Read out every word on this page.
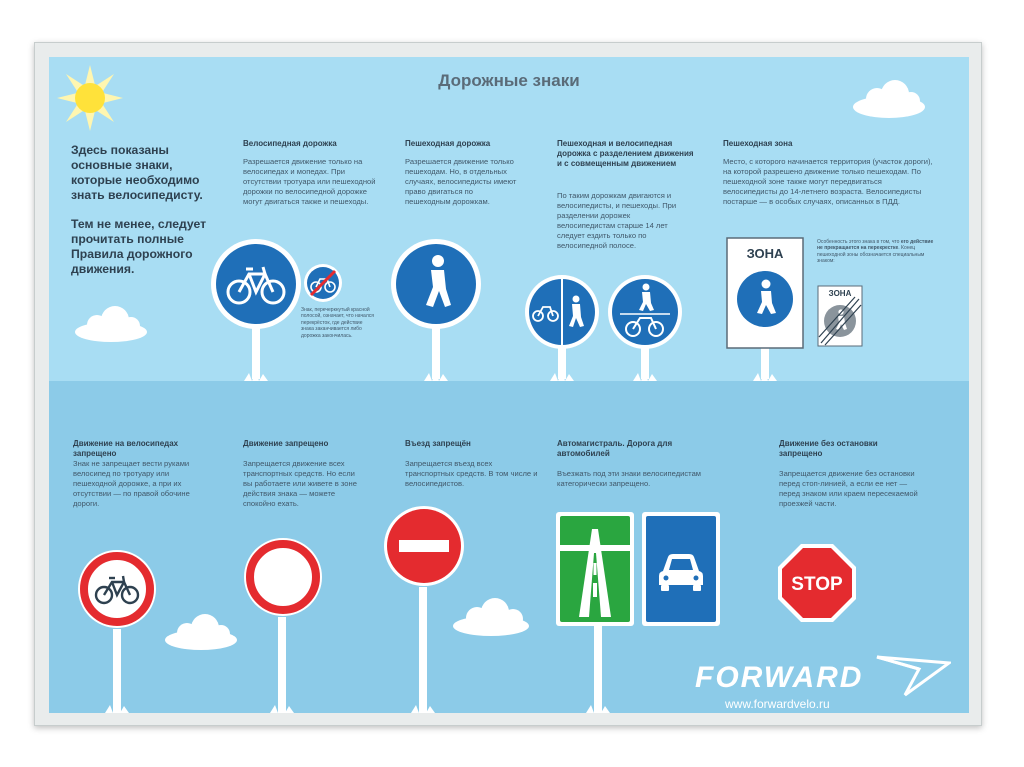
Дорожные знаки

Здесь показаны основные знаки, которые необходимо знать велосипедисту.

Тем не менее, следует прочитать полные Правила дорожного движения.

Велосипедная дорожка
Разрешается движение только на велосипедах и мопедах. При отсутствии тротуара или пешеходной дорожки по велосипедной дорожке могут двигаться также и пешеходы.
Знак, перечеркнутый красной полосой, означает, что начался перекрёсток, где действие знака заканчивается либо дорожка закончилась.
Пешеходная дорожка
Разрешается движение только пешеходам. Но, в отдельных случаях, велосипедисты имеют право двигаться по пешеходным дорожкам.
Пешеходная и велосипедная дорожка с разделением движения и с совмещенным движением
По таким дорожкам двигаются и велосипедисты, и пешеходы. При разделении дорожек велосипедистам старше 14 лет следует ездить только по велосипедной полосе.
Пешеходная зона
Место, с которого начинается территория (участок дороги), на которой разрешено движение только пешеходам. По пешеходной зоне также могут передвигаться велосипедисты до 14-летнего возраста. Велосипедисты постарше — в особых случаях, описанных в ПДД.
Особенность этого знака в том, что его действие не прекращается на перекрестке. Конец пешеходной зоны обозначается специальным знаком:
ЗОНА
ЗОНА
Движение на велосипедах запрещено
Знак не запрещает вести руками велосипед по тротуару или пешеходной дорожке, а при их отсутствии — по правой обочине дороги.
Движение запрещено
Запрещается движение всех транспортных средств. Но если вы работаете или живете в зоне действия знака — можете спокойно ехать.
Въезд запрещён
Запрещается въезд всех транспортных средств. В том числе и велосипедистов.
Автомагистраль. Дорога для автомобилей
Въезжать под эти знаки велосипедистам категорически запрещено.
Движение без остановки запрещено
Запрещается движение без остановки перед стоп-линией, а если ее нет — перед знаком или краем пересекаемой проезжей части.
STOP
FORWARD
www.forwardvelo.ru
